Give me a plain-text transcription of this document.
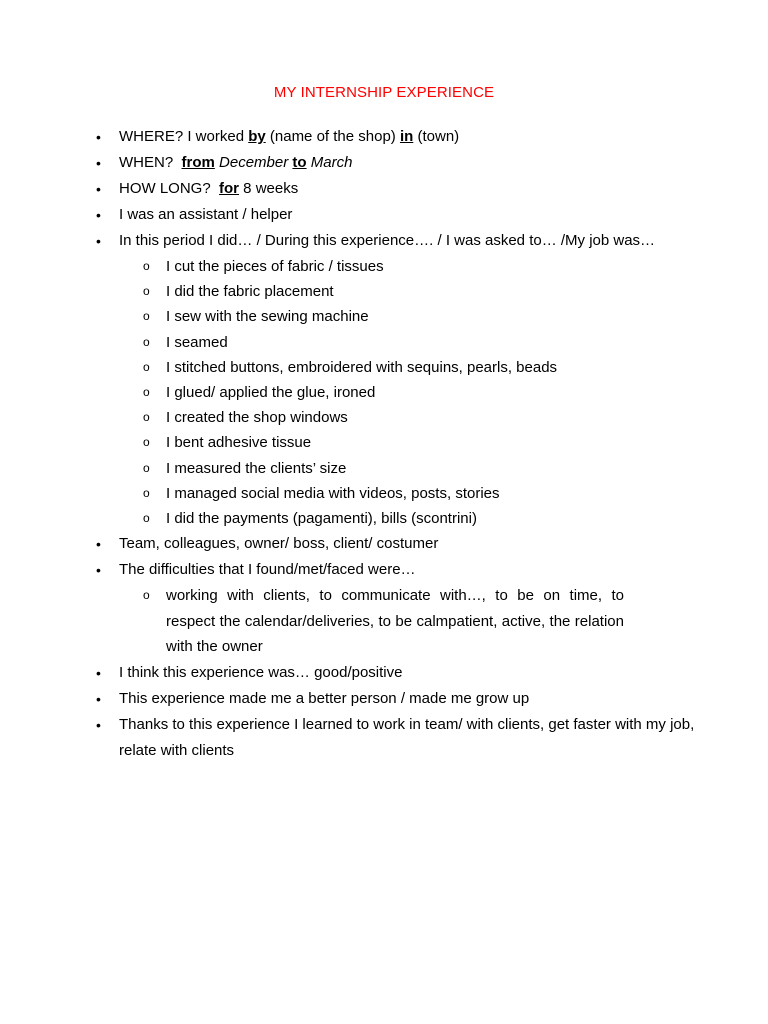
MY INTERNSHIP EXPERIENCE
• WHERE? I worked by (name of the shop) in (town)
• WHEN?  from December to March
• HOW LONG?  for 8 weeks
• I was an assistant / helper
• In this period I did… / During this experience…. / I was asked to… /My job was…
o I cut the pieces of fabric / tissues
o I did the fabric placement
o I sew with the sewing machine
o I seamed
o I stitched buttons, embroidered with sequins, pearls, beads
o I glued/ applied the glue, ironed
o I created the shop windows
o I bent adhesive tissue
o I measured the clients’ size
o I managed social media with videos, posts, stories
o I did the payments (pagamenti), bills (scontrini)
• Team, colleagues, owner/ boss, client/ costumer
• The difficulties that I found/met/faced were…
o working with clients, to communicate with…, to be on time, to respect the calendar/deliveries, to be calmpatient, active, the relation with the owner
• I think this experience was… good/positive
• This experience made me a better person / made me grow up
• Thanks to this experience I learned to work in team/ with clients, get faster with my job, relate with clients
